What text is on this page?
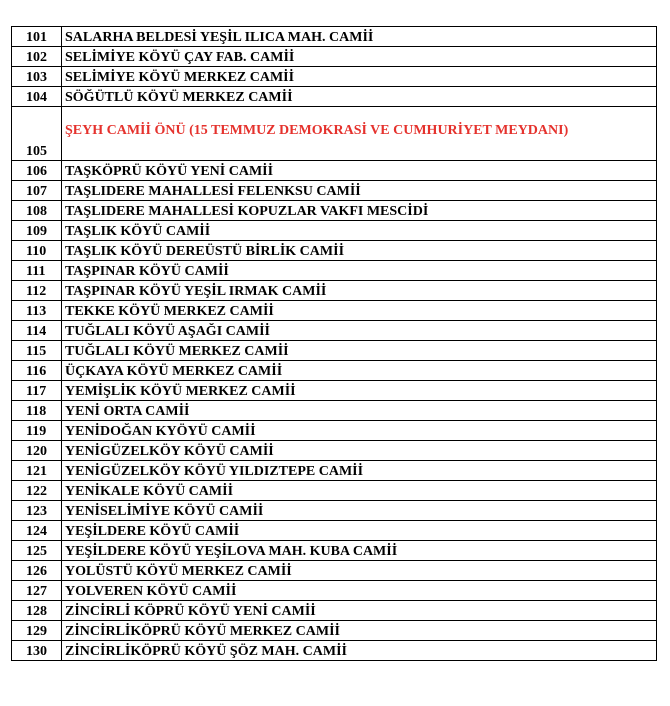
101	SALARHA BELDESİ YEŞİL ILICA MAH. CAMİİ
102	SELİMİYE KÖYÜ ÇAY FAB. CAMİİ
103	SELİMİYE KÖYÜ MERKEZ CAMİİ
104	SÖĞÜTLÜ KÖYÜ MERKEZ CAMİİ
105	ŞEYH CAMİİ ÖNÜ (15 TEMMUZ DEMOKRASİ VE CUMHURİYET MEYDANI)
106	TAŞKÖPRÜ KÖYÜ YENİ CAMİİ
107	TAŞLIDERE MAHALLESİ FELENKSU CAMİİ
108	TAŞLIDERE MAHALLESİ KOPUZLAR VAKFI MESCİDİ
109	TAŞLIK KÖYÜ CAMİİ
110	TAŞLIK KÖYÜ DEREÜSTÜ BİRLİK CAMİİ
111	TAŞPINAR KÖYÜ CAMİİ
112	TAŞPINAR KÖYÜ YEŞİL IRMAK CAMİİ
113	TEKKE KÖYÜ MERKEZ CAMİİ
114	TUĞLALI KÖYÜ AŞAĞI CAMİİ
115	TUĞLALI KÖYÜ MERKEZ CAMİİ
116	ÜÇKAYA KÖYÜ MERKEZ CAMİİ
117	YEMİŞLİK KÖYÜ MERKEZ CAMİİ
118	YENİ ORTA CAMİİ
119	YENİDOĞAN KYÖYÜ CAMİİ
120	YENİGÜZELKÖY KÖYÜ CAMİİ
121	YENİGÜZELKÖY KÖYÜ YILDIZTEPE CAMİİ
122	YENİKALE KÖYÜ CAMİİ
123	YENİSELİMİYE KÖYÜ CAMİİ
124	YEŞİLDERE KÖYÜ CAMİİ
125	YEŞİLDERE KÖYÜ YEŞİLOVA MAH. KUBA CAMİİ
126	YOLÜSTÜ KÖYÜ MERKEZ CAMİİ
127	YOLVEREN KÖYÜ CAMİİ
128	ZİNCİRLİ KÖPRÜ KÖYÜ YENİ CAMİİ
129	ZİNCİRLİKÖPRÜ KÖYÜ MERKEZ CAMİİ
130	ZİNCİRLİKÖPRÜ KÖYÜ ŞÖZ MAH. CAMİİ
